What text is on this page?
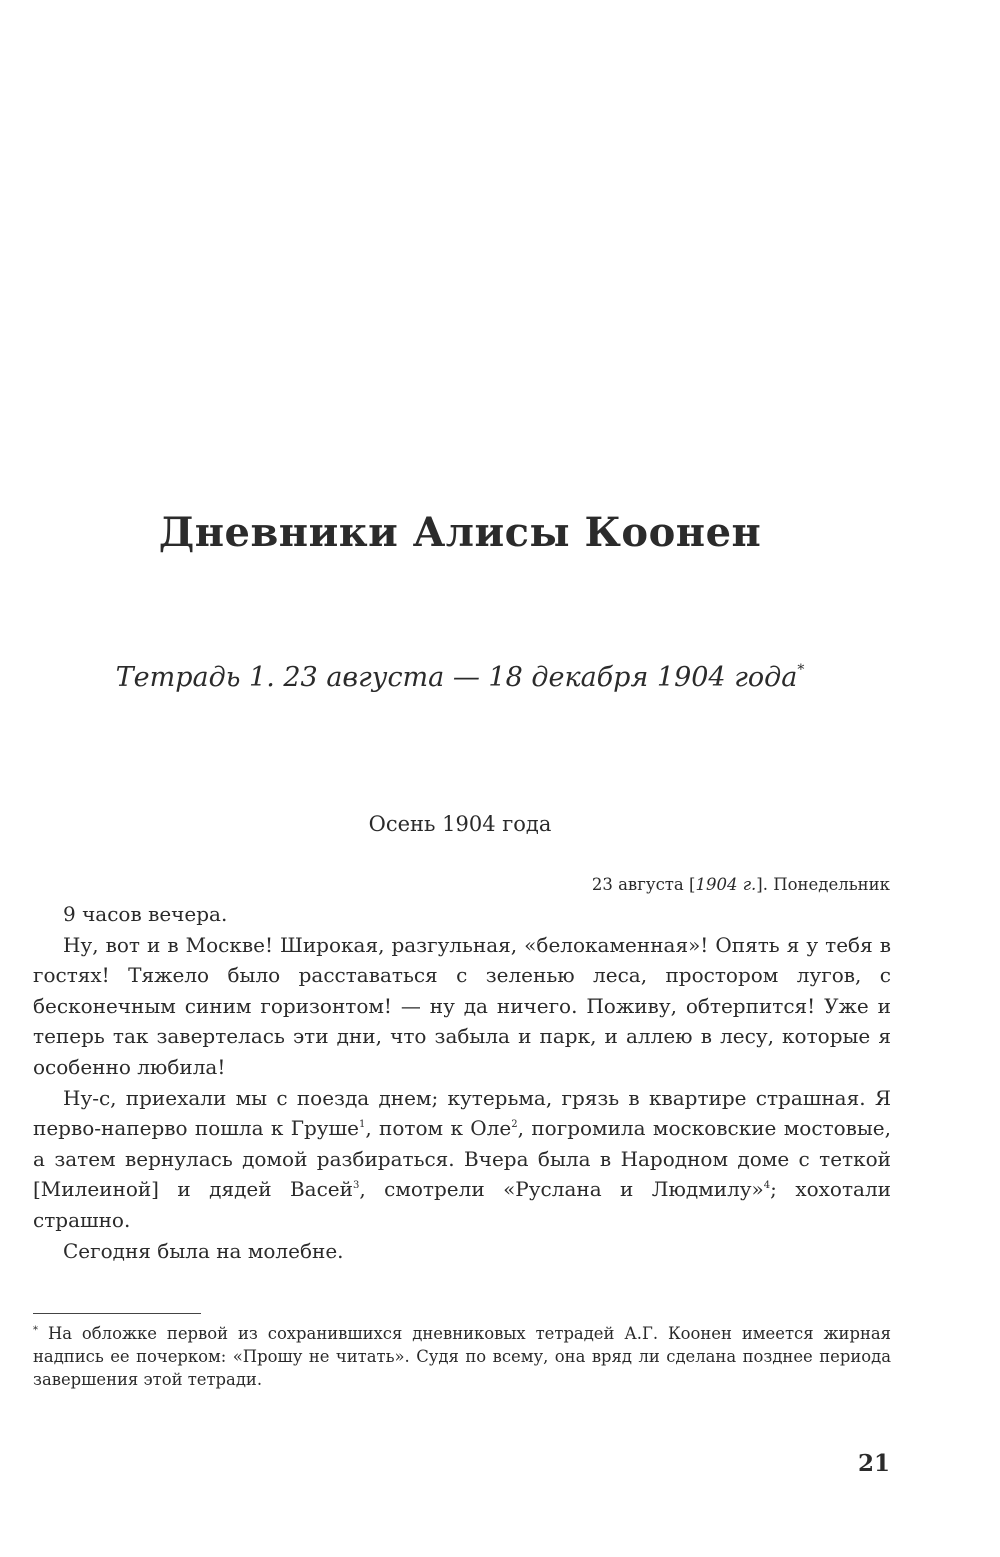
Дневники Алисы Коонен
Тетрадь 1. 23 августа — 18 декабря 1904 года*
Осень 1904 года
23 августа [1904 г.]. Понедельник

9 часов вечера.

Ну, вот и в Москве! Широкая, разгульная, «белокаменная»! Опять я у тебя в гостях! Тяжело было расставаться с зеленью леса, простором лугов, с бесконечным синим горизонтом! — ну да ничего. Поживу, обтерпится! Уже и теперь так завертелась эти дни, что забыла и парк, и аллею в лесу, которые я особенно любила!

Ну-с, приехали мы с поезда днем; кутерьма, грязь в квартире страшная. Я перво-наперво пошла к Груше$^1$, потом к Оле$^2$, погромила московские мостовые, а затем вернулась домой разбираться. Вчера была в Народном доме с теткой [Милеиной] и дядей Васей$^3$, смотрели «Руслана и Людмилу»$^4$; хохотали страшно.

Сегодня была на молебне.

* На обложке первой из сохранившихся дневниковых тетрадей А.Г. Коонен имеется жирная надпись ее почерком: «Прошу не читать». Судя по всему, она вряд ли сделана позднее периода завершения этой тетради.
21
